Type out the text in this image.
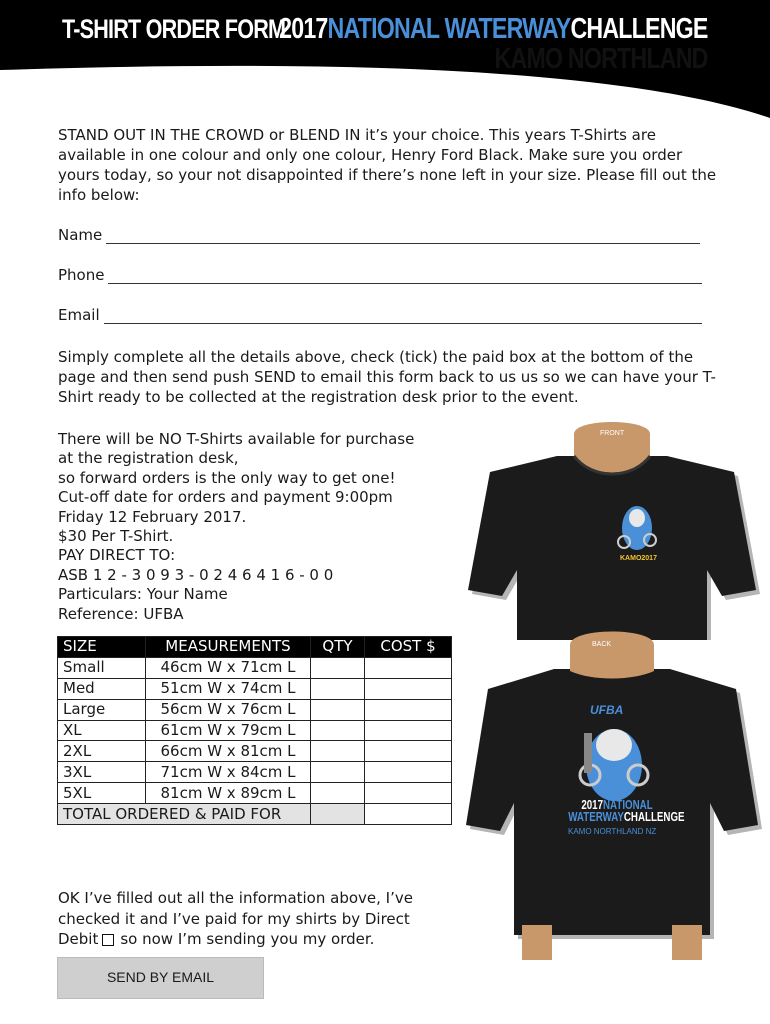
T-SHIRT ORDER FORM
2017NATIONAL WATERWAYCHALLENGE
KAMO NORTHLAND
STAND OUT IN THE CROWD or BLEND IN it’s your choice. This years T-Shirts are available in one colour and only one colour, Henry Ford Black. Make sure you order yours today, so your not disappointed if there’s none left in your size. Please fill out the info below:
Name
Phone
Email
Simply complete all the details above, check (tick) the paid box at the bottom of the page and then send push SEND to email this form back to us us so we can have your T-Shirt ready to be collected at the registration desk prior to the event.
There will be NO T-Shirts available for purchase
at the registration desk,
so forward orders is the only way to get one!
Cut-off date for orders and payment 9:00pm
Friday 12 February 2017.
$30 Per T-Shirt.
PAY DIRECT TO:
ASB 1 2 - 3 0 9 3 - 0 2 4 6 4 1 6 - 0 0
Particulars: Your Name
Reference: UFBA
SIZE	MEASUREMENTS	QTY	COST $
Small	46cm W x 71cm L		
Med	51cm W x 74cm L		
Large	56cm W x 76cm L		
XL	61cm W x 79cm L		
2XL	66cm W x 81cm L		
3XL	71cm W x 84cm L		
5XL	81cm W x 89cm L		
TOTAL ORDERED & PAID FOR			
OK I’ve filled out all the information above, I’ve checked it and I’ve paid for my shirts by Direct Debit so now I’m sending you my order.
SEND BY EMAIL
FRONT
KAMO2017
BACK
UFBA
2017NATIONAL
WATERWAYCHALLENGE
KAMO NORTHLAND NZ
